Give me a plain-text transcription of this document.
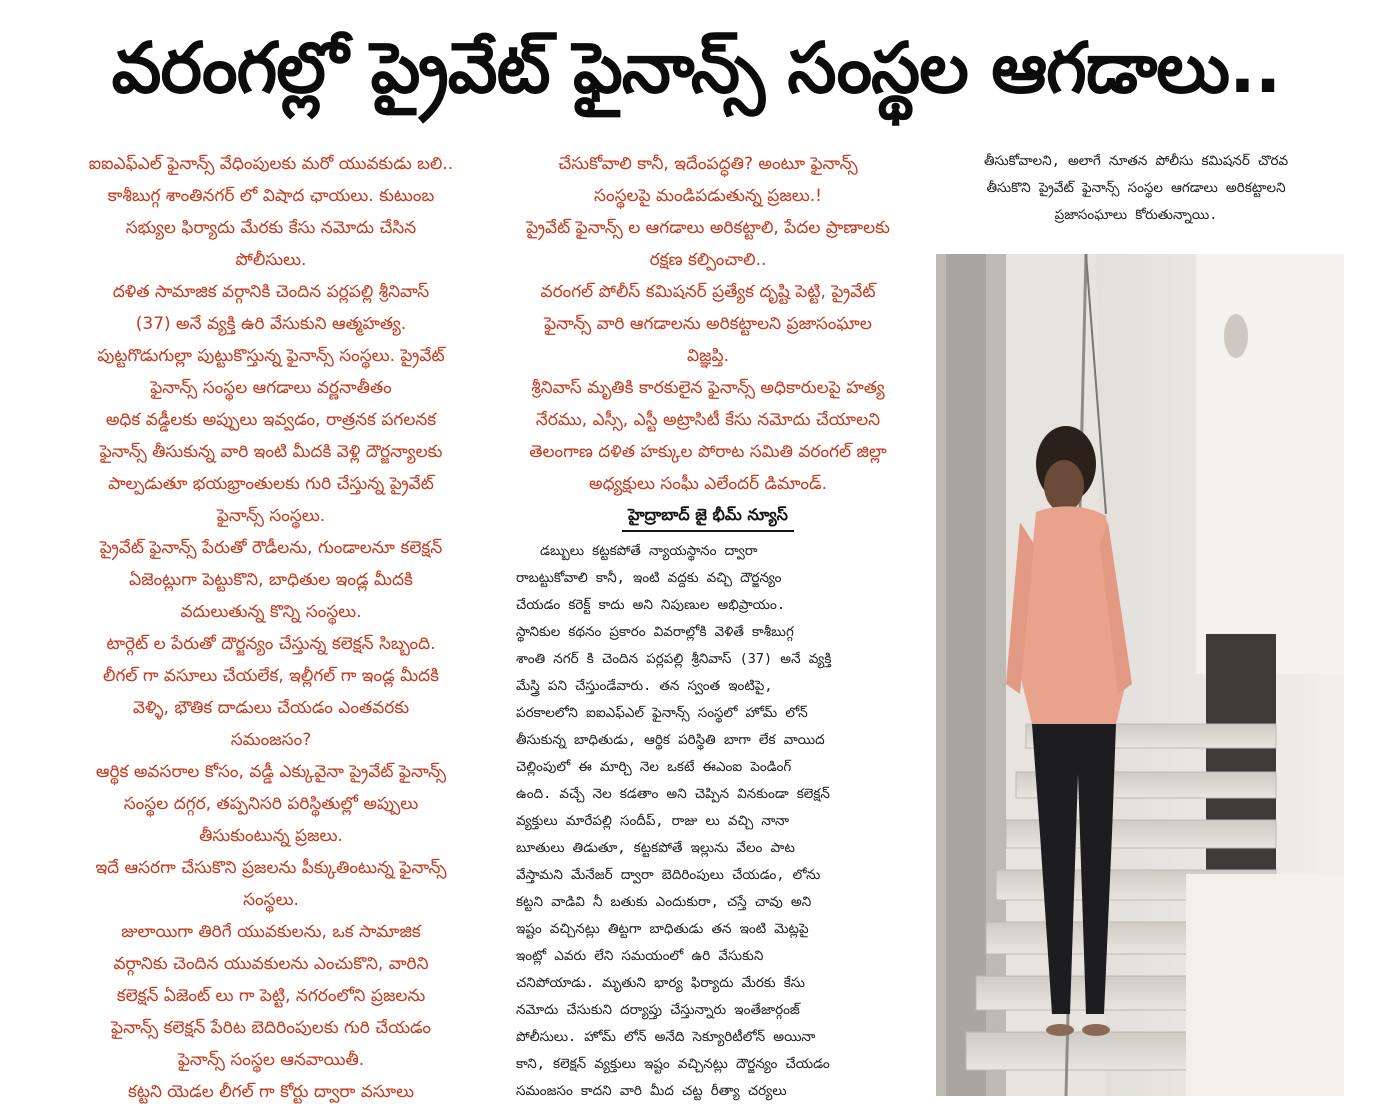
వరంగల్లో ప్రైవేట్ ఫైనాన్స్ సంస్థల ఆగడాలు..

ఐఐఎఫ్ఎల్ ఫైనాన్స్ వేధింపులకు మరో యువకుడు బలి..

కాశీబుగ్గ శాంతినగర్ లో విషాద ఛాయలు. కుటుంబ

సభ్యుల ఫిర్యాదు మేరకు కేసు నమోదు చేసిన

పోలీసులు.

దళిత సామాజిక వర్గానికి చెందిన పర్లపల్లి శ్రీనివాస్

(37) అనే వ్యక్తి ఉరి వేసుకుని ఆత్మహత్య.

పుట్టగొడుగుల్లా పుట్టుకొస్తున్న ఫైనాన్స్ సంస్థలు. ప్రైవేట్

ఫైనాన్స్ సంస్థల ఆగడాలు వర్ణనాతీతం

అధిక వడ్డీలకు అప్పులు ఇవ్వడం, రాత్రనక పగలనక

ఫైనాన్స్ తీసుకున్న వారి ఇంటి మీదకి వెళ్లి దౌర్జన్యాలకు

పాల్పడుతూ భయభ్రాంతులకు గురి చేస్తున్న ప్రైవేట్

ఫైనాన్స్ సంస్థలు.

ప్రైవేట్ ఫైనాన్స్ పేరుతో రౌడీలను, గుండాలనూ కలెక్షన్

ఏజెంట్లుగా పెట్టుకొని, బాధితుల ఇండ్ల మీదకి

వదులుతున్న కొన్ని సంస్థలు.

టార్గెట్ ల పేరుతో దౌర్జన్యం చేస్తున్న కలెక్షన్ సిబ్బంది.

లీగల్ గా వసూలు చేయలేక, ఇల్లీగల్ గా ఇండ్ల మీదకి

వెళ్ళి, భౌతిక దాడులు చేయడం ఎంతవరకు

సమంజసం?

ఆర్థిక అవసరాల కోసం, వడ్డీ ఎక్కువైనా ప్రైవేట్ ఫైనాన్స్

సంస్థల దగ్గర, తప్పనిసరి పరిస్థితుల్లో అప్పులు

తీసుకుంటున్న ప్రజలు.

ఇదే ఆసరగా చేసుకొని ప్రజలను పీక్కుతింటున్న ఫైనాన్స్

సంస్థలు.

జులాయిగా తిరిగే యువకులను, ఒక సామాజిక

వర్గానికు చెందిన యువకులను ఎంచుకొని, వారిని

కలెక్షన్ ఏజెంట్ లు గా పెట్టి, నగరంలోని ప్రజలను

ఫైనాన్స్ కలెక్షన్ పేరిట బెదిరింపులకు గురి చేయడం

ఫైనాన్స్ సంస్థల ఆనవాయితీ.

కట్టని యెడల లీగల్ గా కోర్టు ద్వారా వసూలు

చేసుకోవాలి కానీ, ఇదేంపద్ధతి? అంటూ ఫైనాన్స్

సంస్థలపై మండిపడుతున్న ప్రజలు.!

ప్రైవేట్ ఫైనాన్స్ ల ఆగడాలు అరికట్టాలి, పేదల ప్రాణాలకు

రక్షణ కల్పించాలి..

వరంగల్ పోలీస్ కమిషనర్ ప్రత్యేక దృష్టి పెట్టి, ప్రైవేట్

ఫైనాన్స్ వారి ఆగడాలను అరికట్టాలని ప్రజాసంఘాల

విజ్ఞప్తి.

శ్రీనివాస్ మృతికి కారకులైన ఫైనాన్స్ అధికారులపై హత్య

నేరము, ఎస్సీ, ఎస్టీ అట్రాసిటీ కేసు నమోదు చేయాలని

తెలంగాణ దళిత హక్కుల పోరాట సమితి వరంగల్ జిల్లా

అధ్యక్షులు సంఘీ ఎలేందర్ డిమాండ్.

హైద్రాబాద్ జై భీమ్ న్యూస్

డబ్బులు కట్టకపోతే న్యాయస్థానం ద్వారా

రాబట్టుకోవాలి కానీ, ఇంటి వద్దకు వచ్చి దౌర్జన్యం

చేయడం కరెక్ట్ కాదు అని నిపుణుల అభిప్రాయం.

స్థానికుల కథనం ప్రకారం వివరాల్లోకి వెళితే కాశీబుగ్గ

శాంతి నగర్ కి చెందిన పర్లపల్లి శ్రీనివాస్ (37) అనే వ్యక్తి

మేస్త్రి పని చేస్తుండేవారు. తన స్వంత ఇంటిపై,

పరకాలలోని ఐఐఎఫ్ఎల్ ఫైనాన్స్ సంస్థలో హోమ్ లోన్

తీసుకున్న బాధితుడు, ఆర్థిక పరిస్థితి బాగా లేక వాయిద

చెల్లింపులో ఈ మార్చి నెల ఒకటే ఈఎంఐ పెండింగ్

ఉంది. వచ్చే నెల కడతాం అని చెప్పిన వినకుండా కలెక్షన్

వ్యక్తులు మారేపల్లి సందీప్, రాజు లు వచ్చి నానా

బూతులు తిడుతూ, కట్టకపోతే ఇల్లును వేలం పాట

వేస్తామని మేనేజర్ ద్వారా బెదిరింపులు చేయడం, లోను

కట్టని వాడివి నీ బతుకు ఎందుకురా, చస్తే చావు అని

ఇష్టం వచ్చినట్లు తిట్టగా బాధితుడు తన ఇంటి మెట్లపై

ఇంట్లో ఎవరు లేని సమయంలో ఉరి వేసుకుని

చనిపోయాడు. మృతుని భార్య ఫిర్యాదు మేరకు కేసు

నమోదు చేసుకుని దర్యాప్తు చేస్తున్నారు ఇంతేజార్గంజ్

పోలీసులు. హోమ్ లోన్ అనేది సెక్యూరిటీలోన్ అయినా

కాని, కలెక్షన్ వ్యక్తులు ఇష్టం వచ్చినట్లు దౌర్జన్యం చేయడం

సమంజసం కాదని వారి మీద చట్ట రీత్యా చర్యలు

తీసుకోవాలని, అలాగే నూతన పోలీసు కమిషనర్ చొరవ

తీసుకొని ప్రైవేట్ ఫైనాన్స్ సంస్థల ఆగడాలు అరికట్టాలని

ప్రజాసంఘాలు కోరుతున్నాయి.
